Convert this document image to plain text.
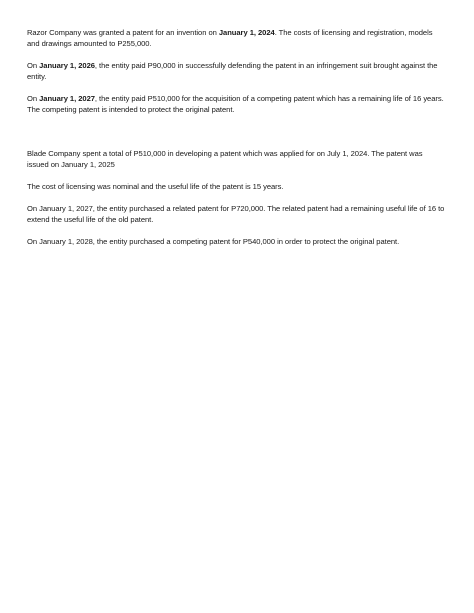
Razor Company was granted a patent for an invention on January 1, 2024. The costs of licensing and registration, models and drawings amounted to P255,000.

On January 1, 2026, the entity paid P90,000 in successfully defending the patent in an infringement suit brought against the entity.

On January 1, 2027, the entity paid P510,000 for the acquisition of a competing patent which has a remaining life of 16 years. The competing patent is intended to protect the original patent.

Blade Company spent a total of P510,000 in developing a patent which was applied for on July 1, 2024. The patent was issued on January 1, 2025

The cost of licensing was nominal and the useful life of the patent is 15 years.

On January 1, 2027, the entity purchased a related patent for P720,000. The related patent had a remaining useful life of 16 to extend the useful life of the old patent.

On January 1, 2028, the entity purchased a competing patent for P540,000 in order to protect the original patent.
